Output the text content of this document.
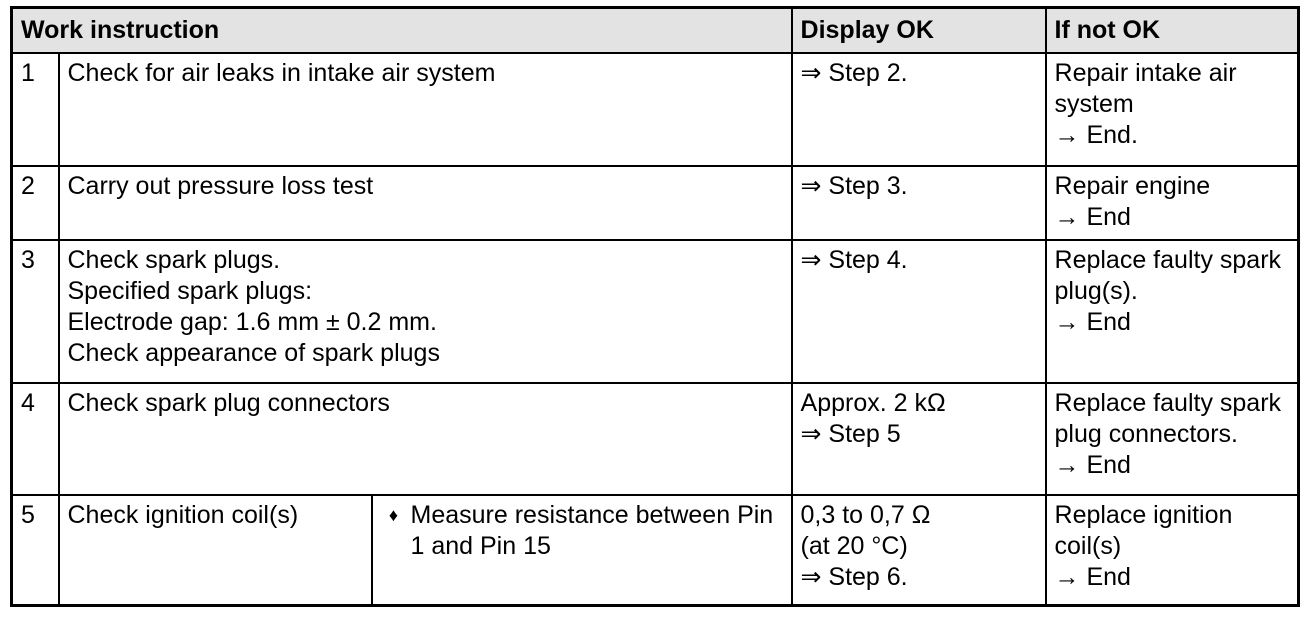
Work instruction			Display OK	If not OK
1	Check for air leaks in intake air system		⇒ Step 2.	Repair intake air
system
→ End.

2	Carry out pressure loss test		⇒ Step 3.	Repair engine
→ End

3	Check spark plugs.
Specified spark plugs:
Electrode gap: 1.6 mm ± 0.2 mm.
Check appearance of spark plugs		⇒ Step 4.	Replace faulty spark
plug(s).
→ End

4	Check spark plug connectors		Approx. 2 kΩ
⇒ Step 5	Replace faulty spark
plug connectors.
→ End

5	Check ignition coil(s)	♦ Measure resistance between Pin
1 and Pin 15	0,3 to 0,7 Ω
(at 20 °C)
⇒ Step 6.	Replace ignition
coil(s)
→ End
